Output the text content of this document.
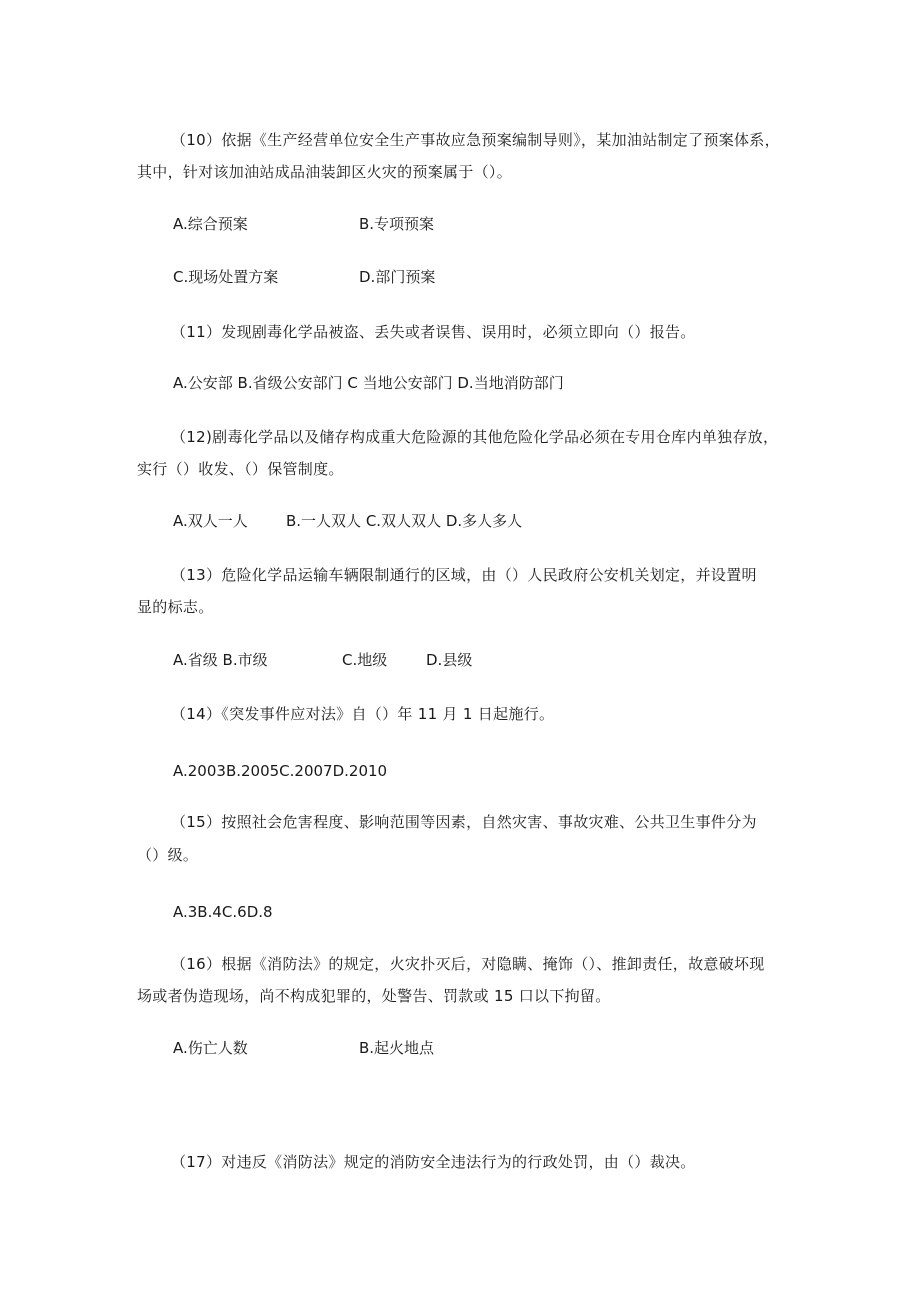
（10）依据《生产经营单位安全生产事故应急预案编制导则》，某加油站制定了预案体系，
其中，针对该加油站成品油装卸区火灾的预案属于（）。
A.综合预案	B.专项预案
C.现场处置方案	D.部门预案
（11）发现剧毒化学品被盗、丢失或者误售、误用时，必须立即向（）报告。
A.公安部 B.省级公安部门 C 当地公安部门 D.当地消防部门
（12)剧毒化学品以及储存构成重大危险源的其他危险化学品必须在专用仓库内单独存放，
实行（）收发、（）保管制度。
A.双人一人	B.一人双人 C.双人双人 D.多人多人
（13）危险化学品运输车辆限制通行的区域，由（）人民政府公安机关划定，并设置明
显的标志。
A.省级 B.市级	C.地级	D.县级
（14）《突发事件应对法》自（）年 11 月 1 日起施行。
A.2003B.2005C.2007D.2010
（15）按照社会危害程度、影响范围等因素，自然灾害、事故灾难、公共卫生事件分为
（）级。
A.3B.4C.6D.8
（16）根据《消防法》的规定，火灾扑灭后，对隐瞒、掩饰（）、推卸责任，故意破坏现
场或者伪造现场，尚不构成犯罪的，处警告、罚款或 15 口以下拘留。
A.伤亡人数	B.起火地点
（17）对违反《消防法》规定的消防安全违法行为的行政处罚，由（）裁决。
